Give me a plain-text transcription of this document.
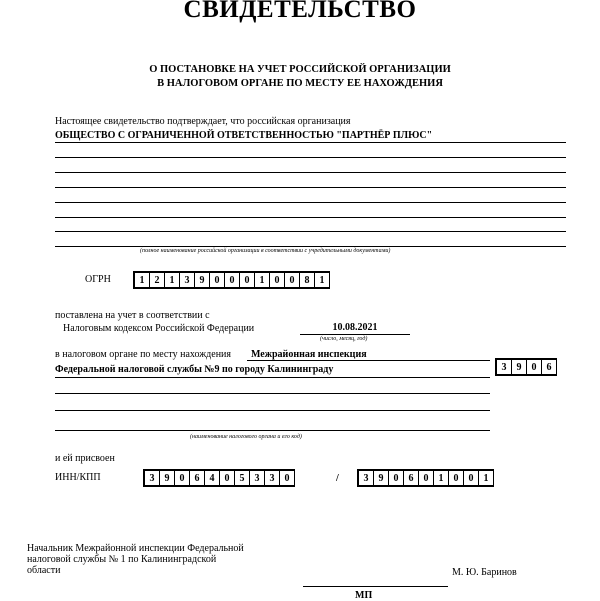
СВИДЕТЕЛЬСТВО
О ПОСТАНОВКЕ НА УЧЕТ РОССИЙСКОЙ ОРГАНИЗАЦИИ
В НАЛОГОВОМ ОРГАНЕ ПО МЕСТУ ЕЕ НАХОЖДЕНИЯ
Настоящее свидетельство подтверждает, что российская организация
ОБЩЕСТВО С ОГРАНИЧЕННОЙ ОТВЕТСТВЕННОСТЬЮ "ПАРТНЁР ПЛЮС"
(полное наименование российской организации в соответствии с учредительными документами)
ОГРН	1	2	1	3	9	0	0	0	1	0	0	8	1
поставлена на учет в соответствии с
Налоговым кодексом Российской Федерации	10.08.2021
(число, месяц, год)
в налоговом органе по месту нахождения Межрайонная инспекция
Федеральной налоговой службы №9 по городу Калининграду	3	9	0	6
(наименование налогового органа и его код)
и ей присвоен
ИНН/КПП	3	9	0	6	4	0	5	3	3	0	/	3	9	0	6	0	1	0	0	1
Начальник Межрайонной инспекции Федеральной
налоговой службы № 1 по Калининградской
области	М. Ю. Баринов
МП
